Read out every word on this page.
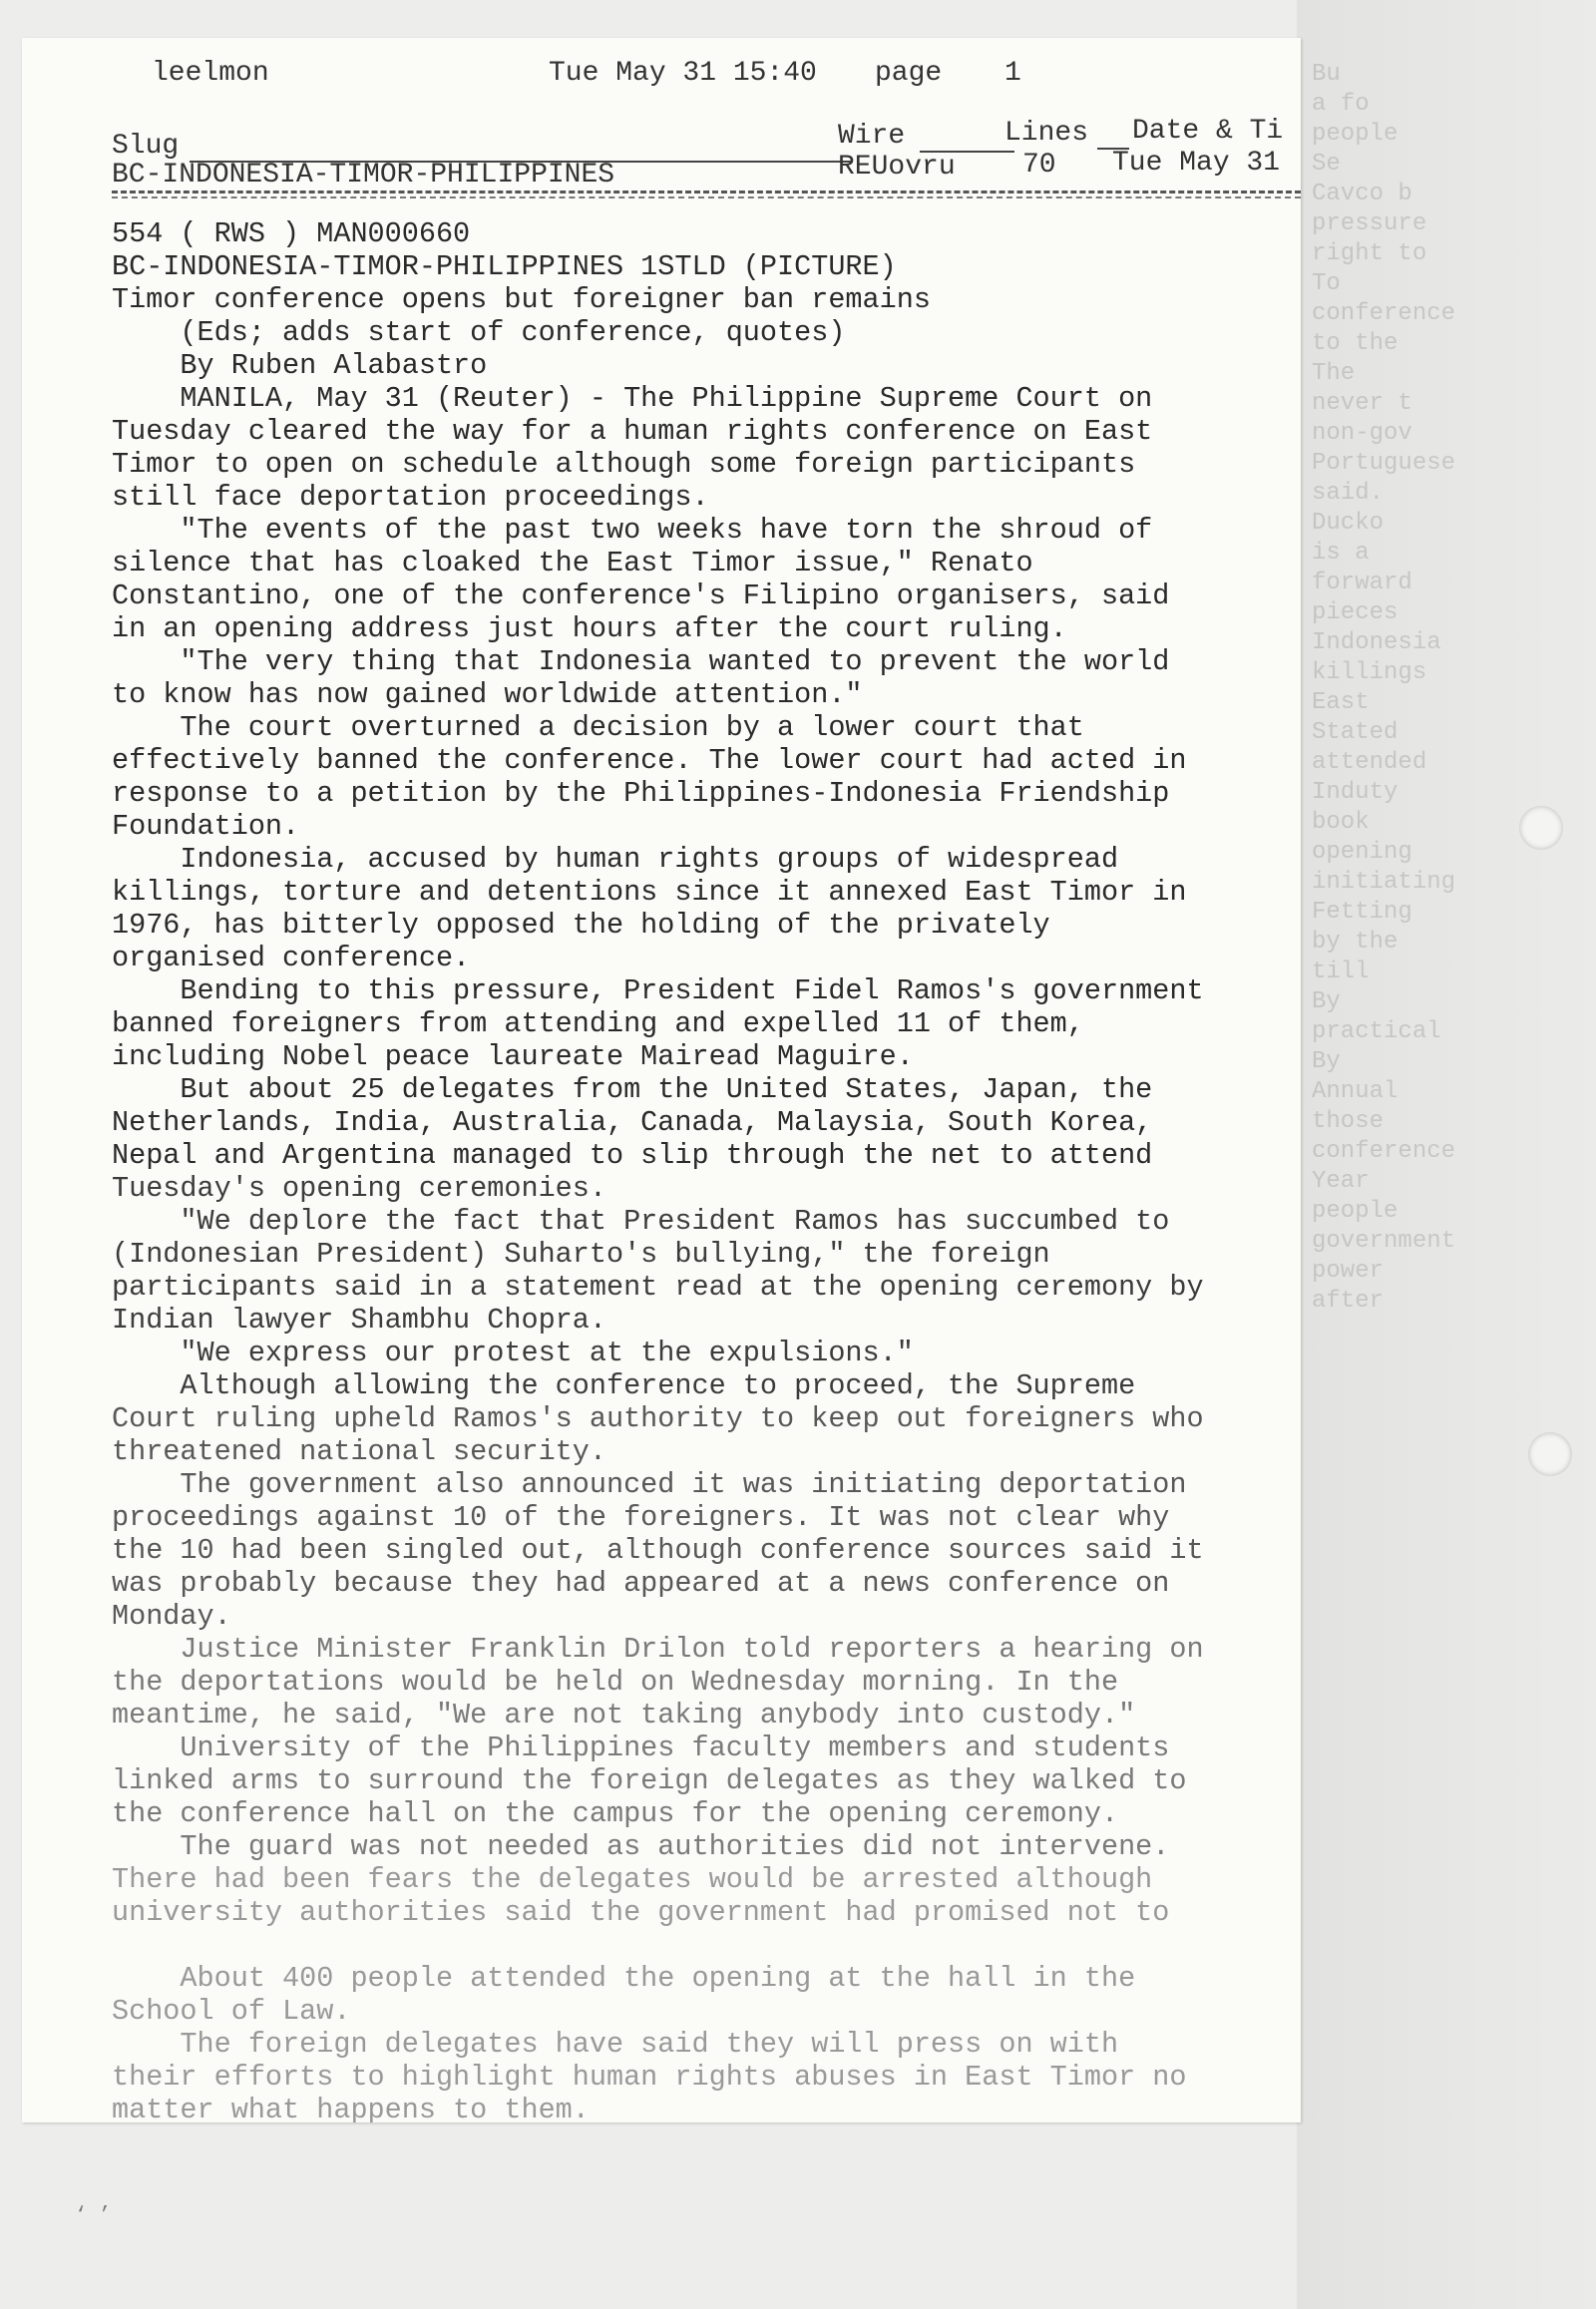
Bu
a fo
people
Se
Cavco b
pressure
right to
To
conference
to the
The
never t
non-gov
Portuguese
said.
Ducko
is a
forward
pieces
Indonesia
killings
East
Stated
attended
Induty
book
opening
initiating
Fetting
by the
till
By
practical
By
Annual
those
conference
Year
people
government
power
after
leelmon	Tue May 31 15:40 page 1
Slug
BC-INDONESIA-TIMOR-PHILIPPINES
Wire
REUovru
Lines
70
Date & Ti
Tue May 31
554 ( RWS ) MAN000660
BC-INDONESIA-TIMOR-PHILIPPINES 1STLD (PICTURE)
Timor conference opens but foreigner ban remains
(Eds; adds start of conference, quotes)
By Ruben Alabastro
MANILA, May 31 (Reuter) - The Philippine Supreme Court on
Tuesday cleared the way for a human rights conference on East
Timor to open on schedule although some foreign participants
still face deportation proceedings.
"The events of the past two weeks have torn the shroud of
silence that has cloaked the East Timor issue," Renato
Constantino, one of the conference's Filipino organisers, said
in an opening address just hours after the court ruling.
"The very thing that Indonesia wanted to prevent the world
to know has now gained worldwide attention."
The court overturned a decision by a lower court that
effectively banned the conference. The lower court had acted in
response to a petition by the Philippines-Indonesia Friendship
Foundation.
Indonesia, accused by human rights groups of widespread
killings, torture and detentions since it annexed East Timor in
1976, has bitterly opposed the holding of the privately
organised conference.
Bending to this pressure, President Fidel Ramos's government
banned foreigners from attending and expelled 11 of them,
including Nobel peace laureate Mairead Maguire.
But about 25 delegates from the United States, Japan, the
Netherlands, India, Australia, Canada, Malaysia, South Korea,
Nepal and Argentina managed to slip through the net to attend
Tuesday's opening ceremonies.
"We deplore the fact that President Ramos has succumbed to
(Indonesian President) Suharto's bullying," the foreign
participants said in a statement read at the opening ceremony by
Indian lawyer Shambhu Chopra.
"We express our protest at the expulsions."
Although allowing the conference to proceed, the Supreme
Court ruling upheld Ramos's authority to keep out foreigners who
threatened national security.
The government also announced it was initiating deportation
proceedings against 10 of the foreigners. It was not clear why
the 10 had been singled out, although conference sources said it
was probably because they had appeared at a news conference on
Monday.
Justice Minister Franklin Drilon told reporters a hearing on
the deportations would be held on Wednesday morning. In the
meantime, he said, "We are not taking anybody into custody."
University of the Philippines faculty members and students
linked arms to surround the foreign delegates as they walked to
the conference hall on the campus for the opening ceremony.
The guard was not needed as authorities did not intervene.
There had been fears the delegates would be arrested although
university authorities said the government had promised not to
About 400 people attended the opening at the hall in the
School of Law.
The foreign delegates have said they will press on with
their efforts to highlight human rights abuses in East Timor no
matter what happens to them.
‘ ’
